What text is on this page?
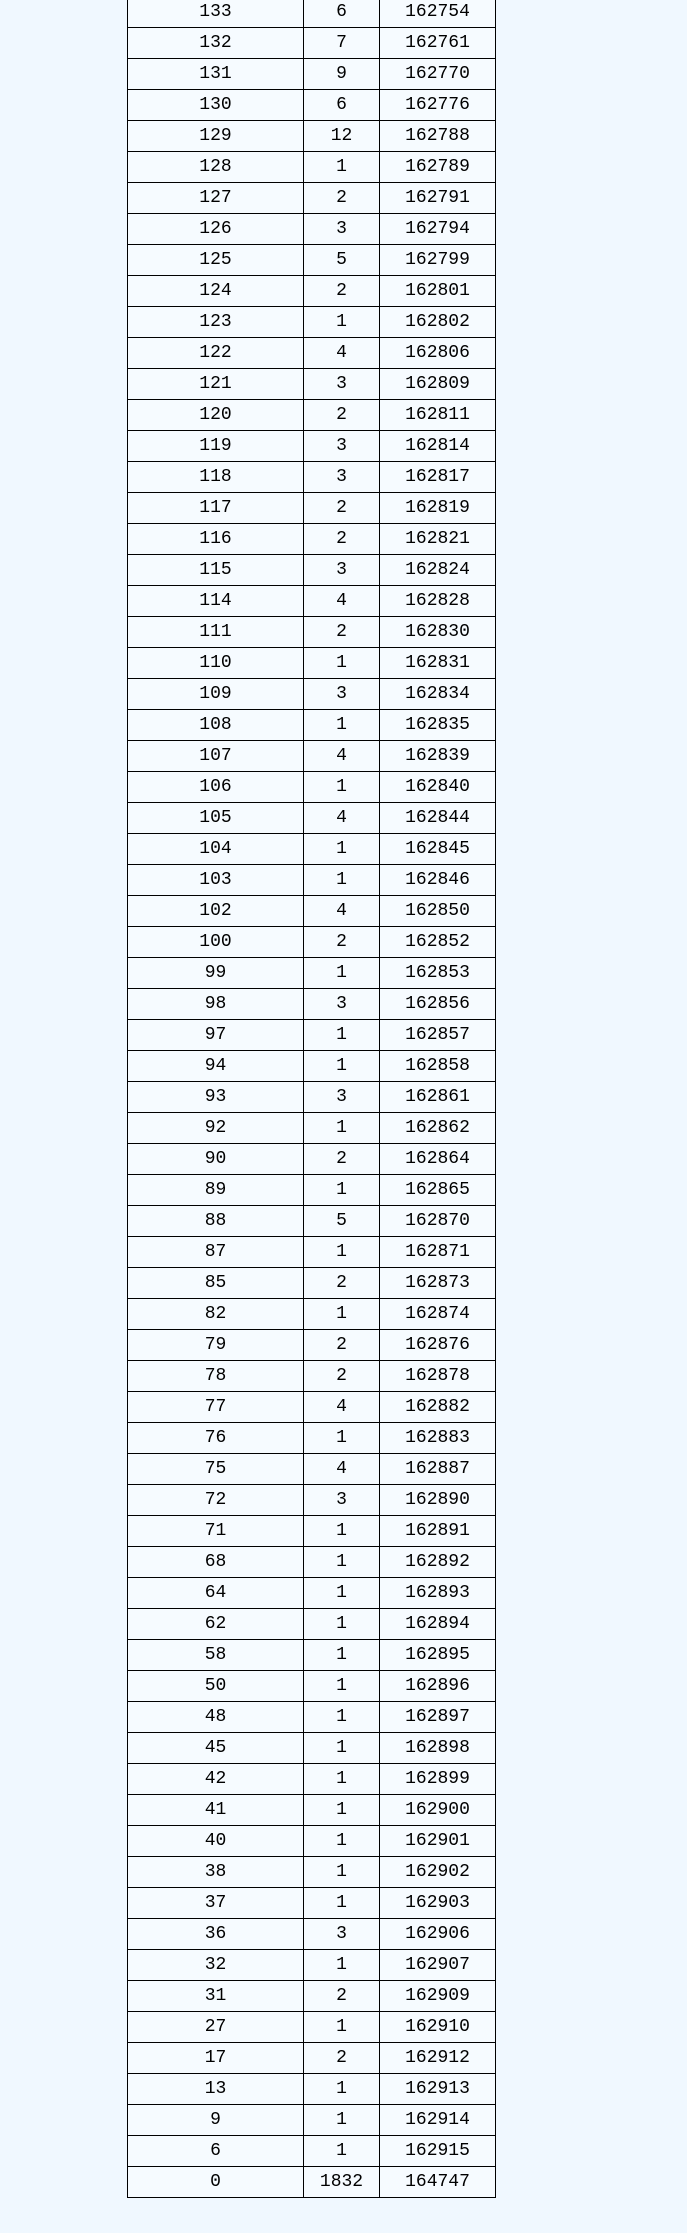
133	6	162754
132	7	162761
131	9	162770
130	6	162776
129	12	162788
128	1	162789
127	2	162791
126	3	162794
125	5	162799
124	2	162801
123	1	162802
122	4	162806
121	3	162809
120	2	162811
119	3	162814
118	3	162817
117	2	162819
116	2	162821
115	3	162824
114	4	162828
111	2	162830
110	1	162831
109	3	162834
108	1	162835
107	4	162839
106	1	162840
105	4	162844
104	1	162845
103	1	162846
102	4	162850
100	2	162852
99	1	162853
98	3	162856
97	1	162857
94	1	162858
93	3	162861
92	1	162862
90	2	162864
89	1	162865
88	5	162870
87	1	162871
85	2	162873
82	1	162874
79	2	162876
78	2	162878
77	4	162882
76	1	162883
75	4	162887
72	3	162890
71	1	162891
68	1	162892
64	1	162893
62	1	162894
58	1	162895
50	1	162896
48	1	162897
45	1	162898
42	1	162899
41	1	162900
40	1	162901
38	1	162902
37	1	162903
36	3	162906
32	1	162907
31	2	162909
27	1	162910
17	2	162912
13	1	162913
9	1	162914
6	1	162915
0	1832	164747
